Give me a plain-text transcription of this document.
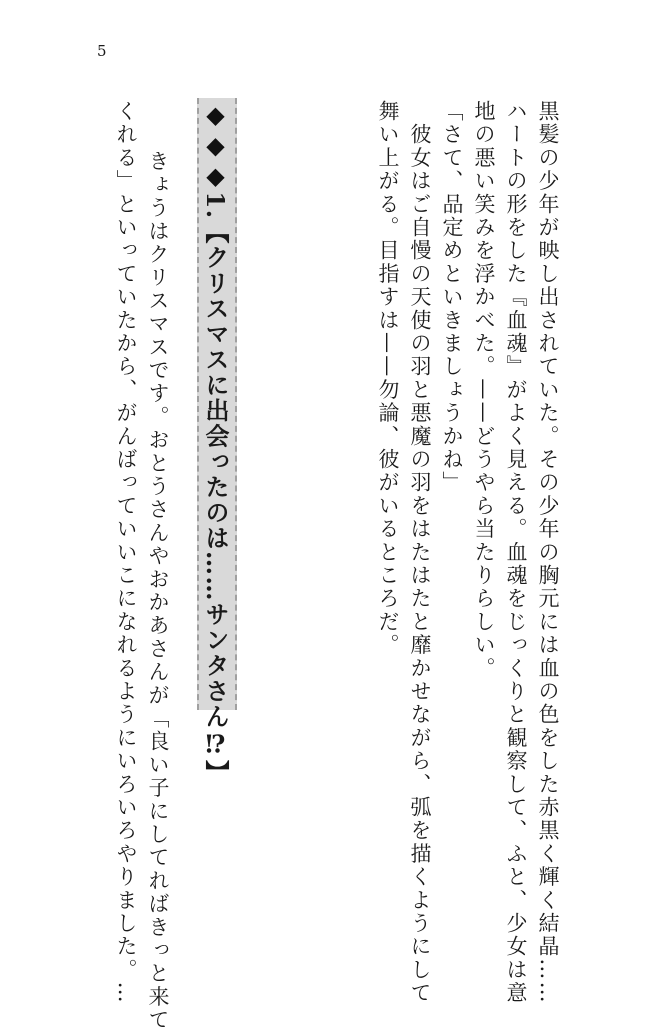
5
黒髪の少年が映し出されていた。その少年の胸元には血の色をした赤黒く輝く結晶……
ハートの形をした『血魂』がよく見える。血魂をじっくりと観察して、ふと、少女は意
地の悪い笑みを浮かべた。——どうやら当たりらしい。
「さて、品定めといきましょうかね」
　彼女はご自慢の天使の羽と悪魔の羽をはたはたと靡かせながら、弧を描くようにして
舞い上がる。目指すは——勿論、彼がいるところだ。
◆◆◆1.【クリスマスに出会ったのは……サンタさん⁉】
　きょうはクリスマスです。おとうさんやおかあさんが「良い子にしてればきっと来て
くれる」といっていたから、がんばっていいこになれるようにいろいろやりました。…
